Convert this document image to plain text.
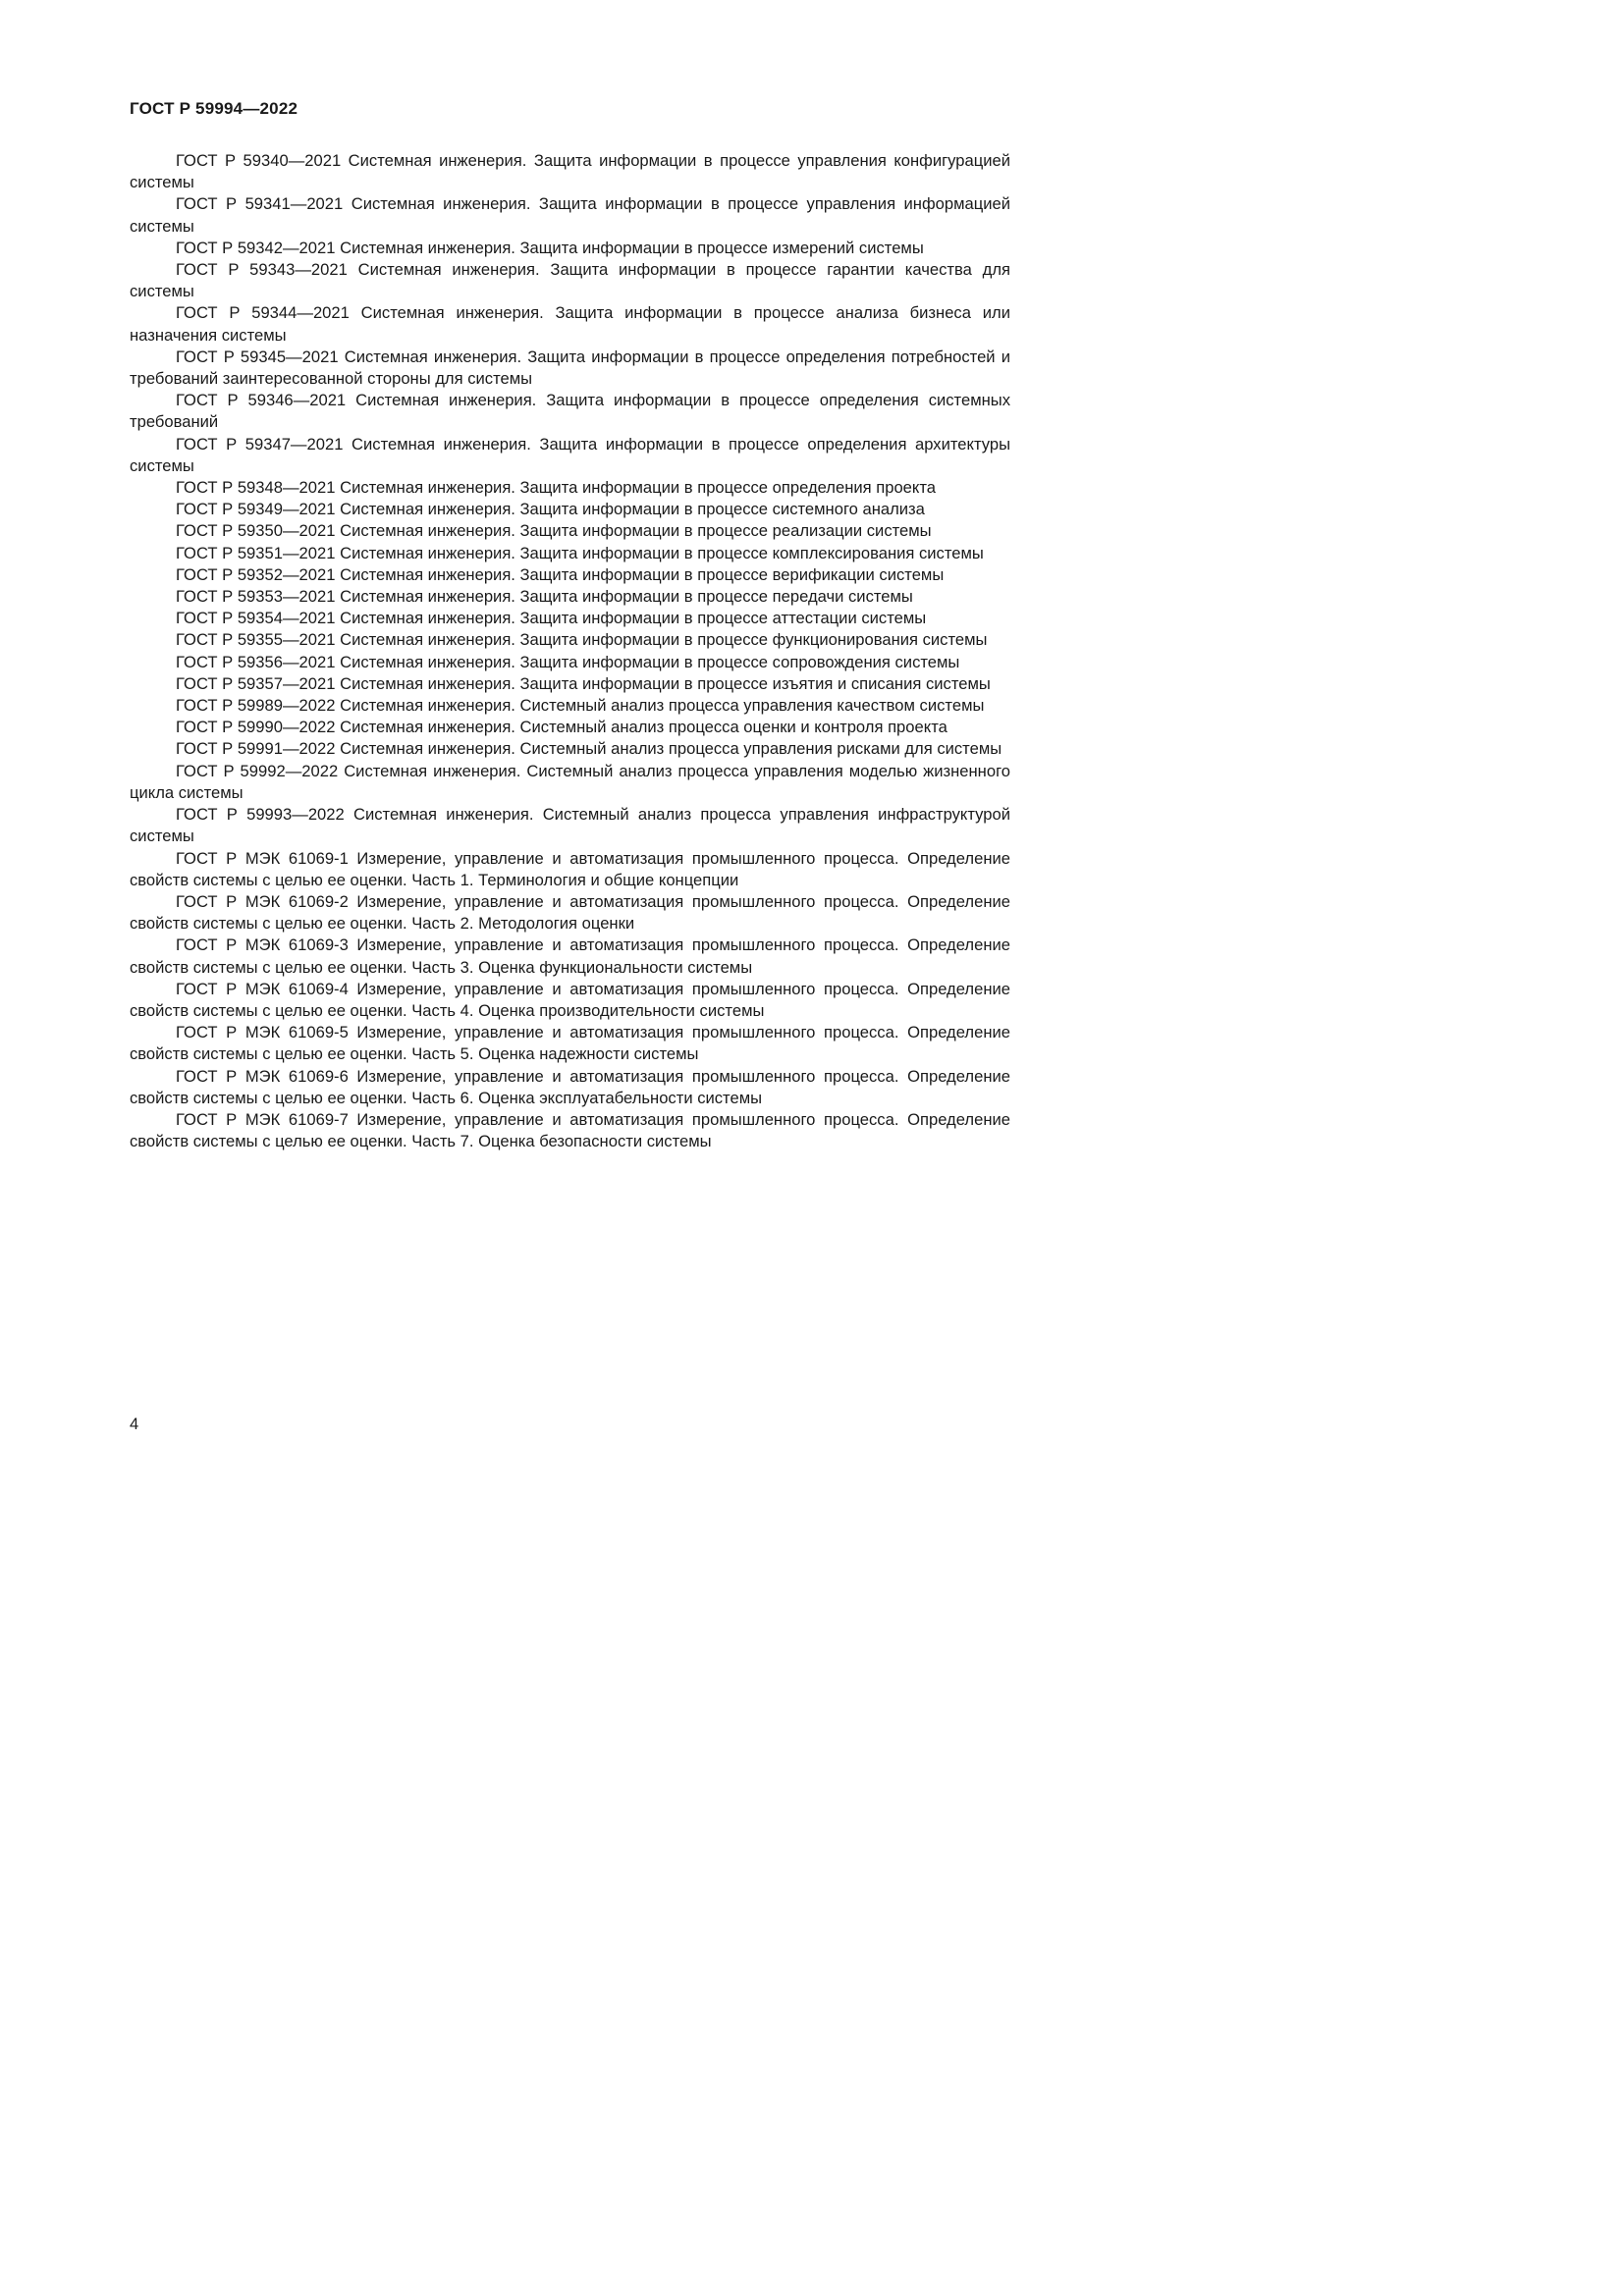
ГОСТ Р 59994—2022

ГОСТ Р 59340—2021 Системная инженерия. Защита информации в процессе управления конфигурацией системы

ГОСТ Р 59341—2021 Системная инженерия. Защита информации в процессе управления информацией системы

ГОСТ Р 59342—2021 Системная инженерия. Защита информации в процессе измерений системы

ГОСТ Р 59343—2021 Системная инженерия. Защита информации в процессе гарантии качества для системы

ГОСТ Р 59344—2021 Системная инженерия. Защита информации в процессе анализа бизнеса или назначения системы

ГОСТ Р 59345—2021 Системная инженерия. Защита информации в процессе определения потребностей и требований заинтересованной стороны для системы

ГОСТ Р 59346—2021 Системная инженерия. Защита информации в процессе определения системных требований

ГОСТ Р 59347—2021 Системная инженерия. Защита информации в процессе определения архитектуры системы

ГОСТ Р 59348—2021 Системная инженерия. Защита информации в процессе определения проекта

ГОСТ Р 59349—2021 Системная инженерия. Защита информации в процессе системного анализа

ГОСТ Р 59350—2021 Системная инженерия. Защита информации в процессе реализации системы

ГОСТ Р 59351—2021 Системная инженерия. Защита информации в процессе комплексирования системы

ГОСТ Р 59352—2021 Системная инженерия. Защита информации в процессе верификации системы

ГОСТ Р 59353—2021 Системная инженерия. Защита информации в процессе передачи системы

ГОСТ Р 59354—2021 Системная инженерия. Защита информации в процессе аттестации системы

ГОСТ Р 59355—2021 Системная инженерия. Защита информации в процессе функционирования системы

ГОСТ Р 59356—2021 Системная инженерия. Защита информации в процессе сопровождения системы

ГОСТ Р 59357—2021 Системная инженерия. Защита информации в процессе изъятия и списания системы

ГОСТ Р 59989—2022 Системная инженерия. Системный анализ процесса управления качеством системы

ГОСТ Р 59990—2022 Системная инженерия. Системный анализ процесса оценки и контроля проекта

ГОСТ Р 59991—2022 Системная инженерия. Системный анализ процесса управления рисками для системы

ГОСТ Р 59992—2022 Системная инженерия. Системный анализ процесса управления моделью жизненного цикла системы

ГОСТ Р 59993—2022 Системная инженерия. Системный анализ процесса управления инфраструктурой системы

ГОСТ Р МЭК 61069-1 Измерение, управление и автоматизация промышленного процесса. Определение свойств системы с целью ее оценки. Часть 1. Терминология и общие концепции

ГОСТ Р МЭК 61069-2 Измерение, управление и автоматизация промышленного процесса. Определение свойств системы с целью ее оценки. Часть 2. Методология оценки

ГОСТ Р МЭК 61069-3 Измерение, управление и автоматизация промышленного процесса. Определение свойств системы с целью ее оценки. Часть 3. Оценка функциональности системы

ГОСТ Р МЭК 61069-4 Измерение, управление и автоматизация промышленного процесса. Определение свойств системы с целью ее оценки. Часть 4. Оценка производительности системы

ГОСТ Р МЭК 61069-5 Измерение, управление и автоматизация промышленного процесса. Определение свойств системы с целью ее оценки. Часть 5. Оценка надежности системы

ГОСТ Р МЭК 61069-6 Измерение, управление и автоматизация промышленного процесса. Определение свойств системы с целью ее оценки. Часть 6. Оценка эксплуатабельности системы

ГОСТ Р МЭК 61069-7 Измерение, управление и автоматизация промышленного процесса. Определение свойств системы с целью ее оценки. Часть 7. Оценка безопасности системы

4
